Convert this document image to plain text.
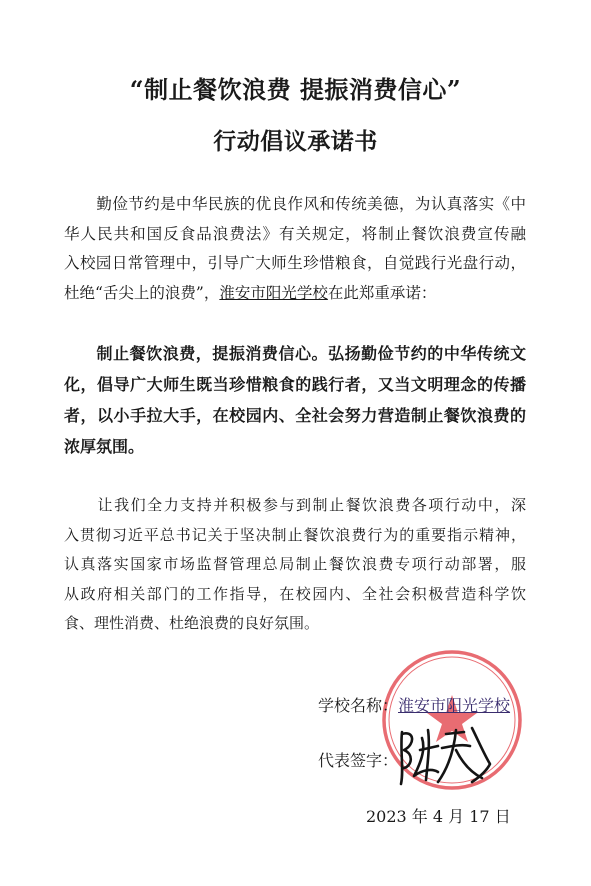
“制止餐饮浪费 提振消费信心”
行动倡议承诺书
勤俭节约是中华民族的优良作风和传统美德，为认真落实《中
华人民共和国反食品浪费法》有关规定，将制止餐饮浪费宣传融
入校园日常管理中，引导广大师生珍惜粮食，自觉践行光盘行动，
杜绝“舌尖上的浪费”，淮安市阳光学校在此郑重承诺：
制止餐饮浪费，提振消费信心。弘扬勤俭节约的中华传统文
化，倡导广大师生既当珍惜粮食的践行者，又当文明理念的传播
者，以小手拉大手，在校园内、全社会努力营造制止餐饮浪费的
浓厚氛围。
让我们全力支持并积极参与到制止餐饮浪费各项行动中，深
入贯彻习近平总书记关于坚决制止餐饮浪费行为的重要指示精神，
认真落实国家市场监督管理总局制止餐饮浪费专项行动部署，服
从政府相关部门的工作指导，在校园内、全社会积极营造科学饮
食、理性消费、杜绝浪费的良好氛围。
学校名称：淮安市阳光学校
代表签字：
2023 年 4 月 17 日
